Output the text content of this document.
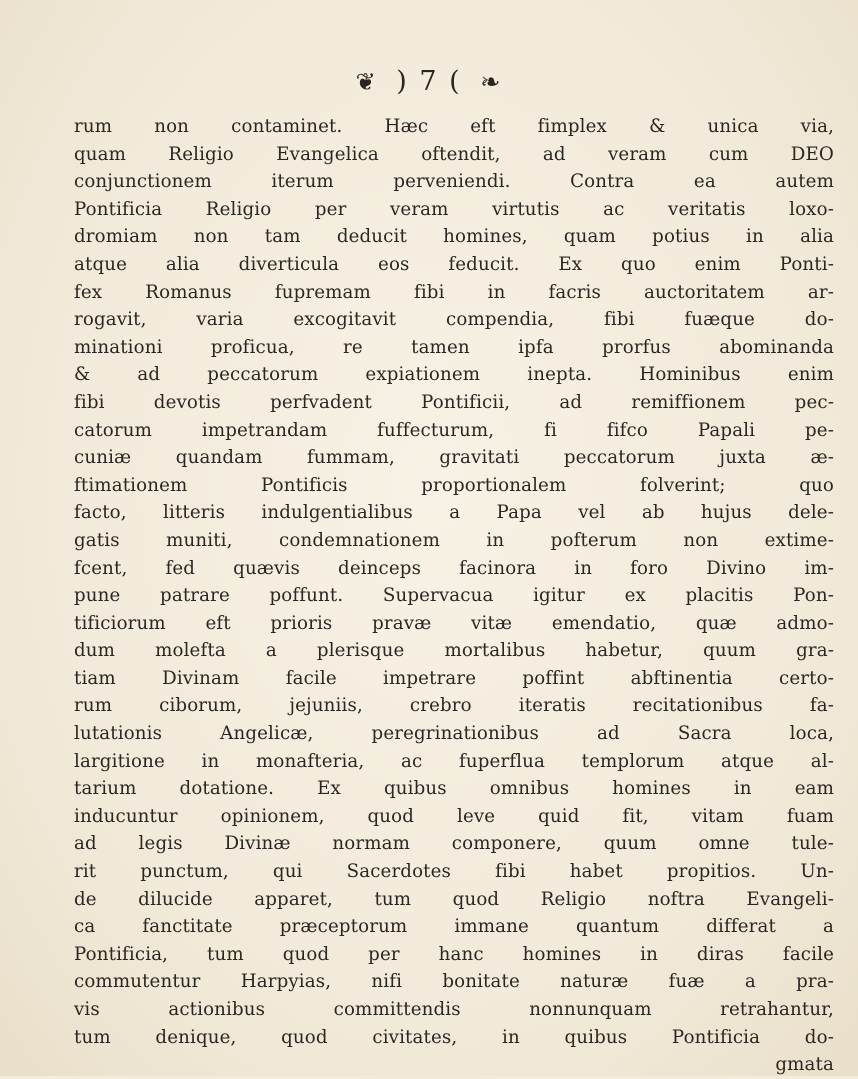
❦ ) 7 ( ❧
rum non contaminet. Hæc eft fimplex & unica via,
quam Religio Evangelica oftendit, ad veram cum DEO
conjunctionem iterum perveniendi. Contra ea autem
Pontificia Religio per veram virtutis ac veritatis loxo-
dromiam non tam deducit homines, quam potius in alia
atque alia diverticula eos feducit. Ex quo enim Ponti-
fex Romanus fupremam fibi in facris auctoritatem ar-
rogavit, varia excogitavit compendia, fibi fuæque do-
minationi proficua, re tamen ipfa prorfus abominanda
& ad peccatorum expiationem inepta. Hominibus enim
fibi devotis perfvadent Pontificii, ad remiffionem pec-
catorum impetrandam fuffecturum, fi fifco Papali pe-
cuniæ quandam fummam, gravitati peccatorum juxta æ-
ftimationem Pontificis proportionalem folverint; quo
facto, litteris indulgentialibus a Papa vel ab hujus dele-
gatis muniti, condemnationem in pofterum non extime-
fcent, fed quævis deinceps facinora in foro Divino im-
pune patrare poffunt. Supervacua igitur ex placitis Pon-
tificiorum eft prioris pravæ vitæ emendatio, quæ admo-
dum molefta a plerisque mortalibus habetur, quum gra-
tiam Divinam facile impetrare poffint abftinentia certo-
rum ciborum, jejuniis, crebro iteratis recitationibus fa-
lutationis Angelicæ, peregrinationibus ad Sacra loca,
largitione in monafteria, ac fuperflua templorum atque al-
tarium dotatione. Ex quibus omnibus homines in eam
inducuntur opinionem, quod leve quid fit, vitam fuam
ad legis Divinæ normam componere, quum omne tule-
rit punctum, qui Sacerdotes fibi habet propitios. Un-
de dilucide apparet, tum quod Religio noftra Evangeli-
ca fanctitate præceptorum immane quantum differat a
Pontificia, tum quod per hanc homines in diras facile
commutentur Harpyias, nifi bonitate naturæ fuæ a pra-
vis actionibus committendis nonnunquam retrahantur,
tum denique, quod civitates, in quibus Pontificia do-
gmata
